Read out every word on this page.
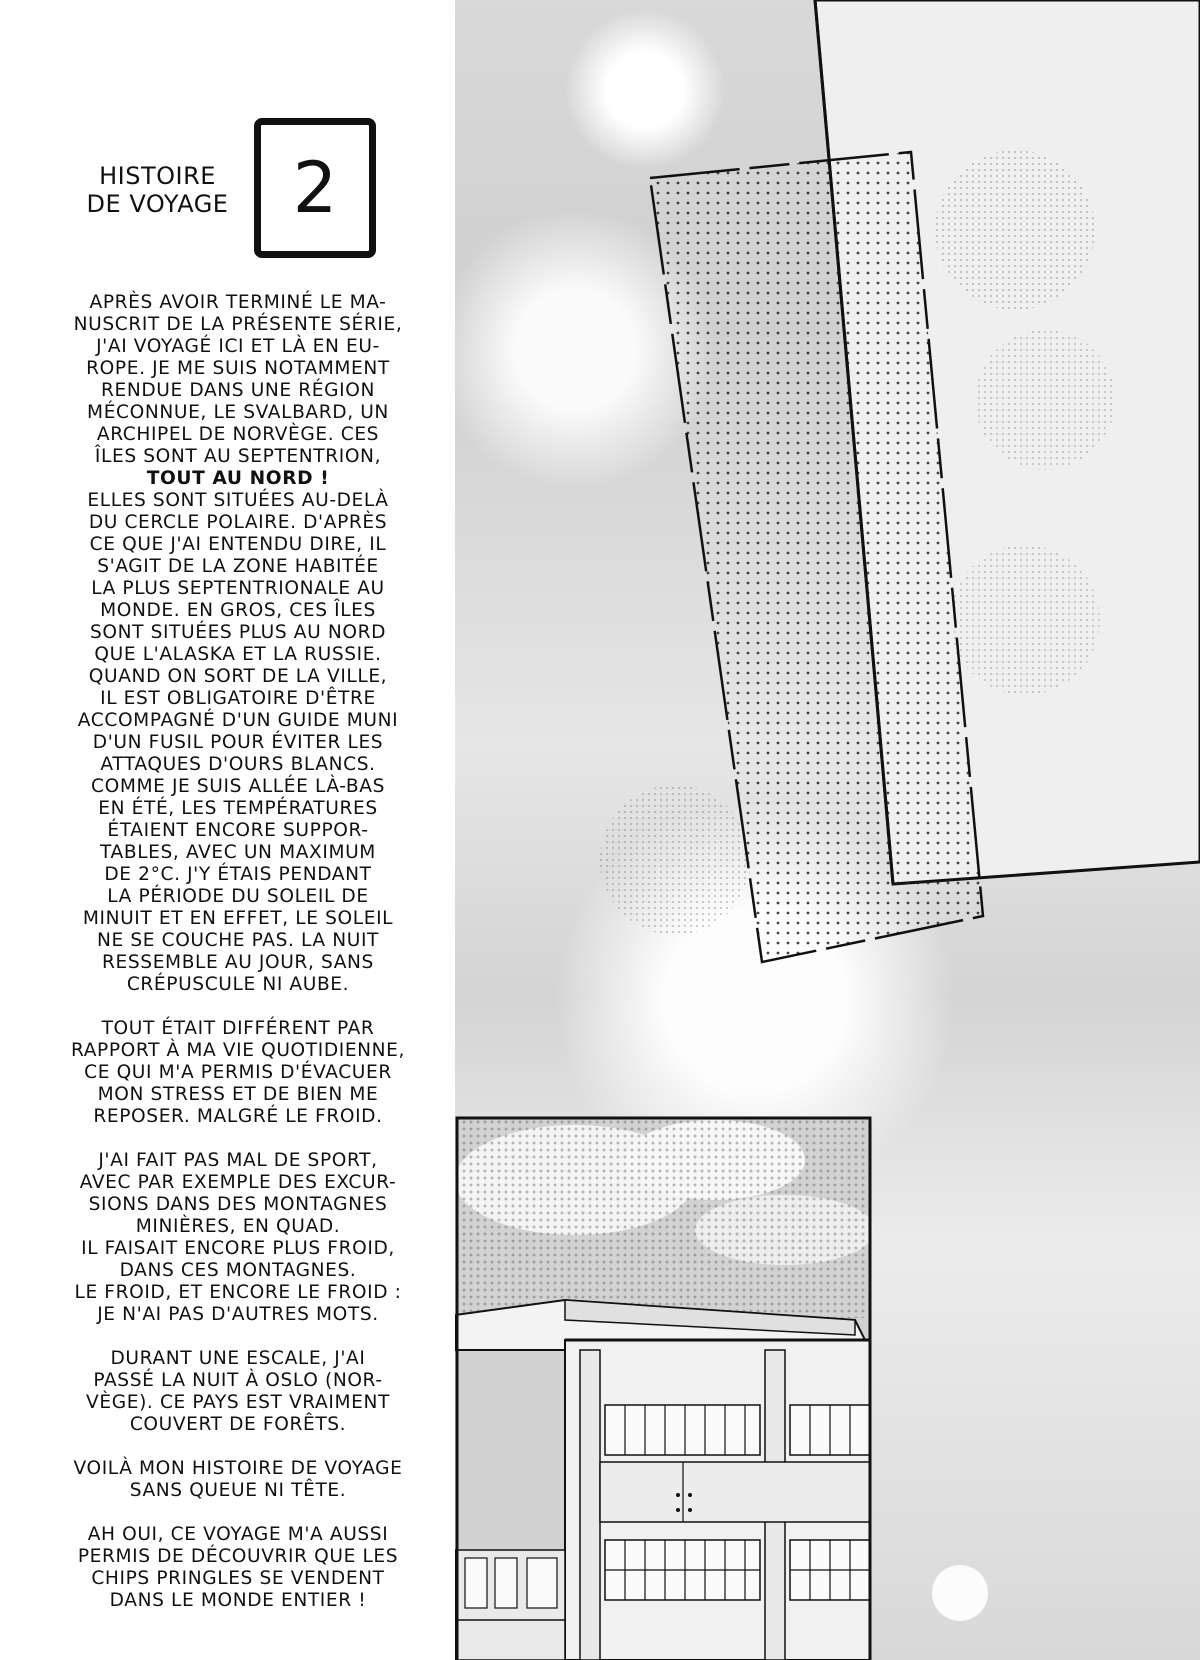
HISTOIRE
DE VOYAGE 2

APRÈS AVOIR TERMINÉ LE MA-
NUSCRIT DE LA PRÉSENTE SÉRIE,
J'AI VOYAGÉ ICI ET LÀ EN EU-
ROPE. JE ME SUIS NOTAMMENT
RENDUE DANS UNE RÉGION
MÉCONNUE, LE SVALBARD, UN
ARCHIPEL DE NORVÈGE. CES
ÎLES SONT AU SEPTENTRION,
TOUT AU NORD !
ELLES SONT SITUÉES AU-DELÀ
DU CERCLE POLAIRE. D'APRÈS
CE QUE J'AI ENTENDU DIRE, IL
S'AGIT DE LA ZONE HABITÉE
LA PLUS SEPTENTRIONALE AU
MONDE. EN GROS, CES ÎLES
SONT SITUÉES PLUS AU NORD
QUE L'ALASKA ET LA RUSSIE.
QUAND ON SORT DE LA VILLE,
IL EST OBLIGATOIRE D'ÊTRE
ACCOMPAGNÉ D'UN GUIDE MUNI
D'UN FUSIL POUR ÉVITER LES
ATTAQUES D'OURS BLANCS.
COMME JE SUIS ALLÉE LÀ-BAS
EN ÉTÉ, LES TEMPÉRATURES
ÉTAIENT ENCORE SUPPOR-
TABLES, AVEC UN MAXIMUM
DE 2°C. J'Y ÉTAIS PENDANT
LA PÉRIODE DU SOLEIL DE
MINUIT ET EN EFFET, LE SOLEIL
NE SE COUCHE PAS. LA NUIT
RESSEMBLE AU JOUR, SANS
CRÉPUSCULE NI AUBE.

TOUT ÉTAIT DIFFÉRENT PAR
RAPPORT À MA VIE QUOTIDIENNE,
CE QUI M'A PERMIS D'ÉVACUER
MON STRESS ET DE BIEN ME
REPOSER. MALGRÉ LE FROID.

J'AI FAIT PAS MAL DE SPORT,
AVEC PAR EXEMPLE DES EXCUR-
SIONS DANS DES MONTAGNES
MINIÈRES, EN QUAD.
IL FAISAIT ENCORE PLUS FROID,
DANS CES MONTAGNES.
LE FROID, ET ENCORE LE FROID :
JE N'AI PAS D'AUTRES MOTS.

DURANT UNE ESCALE, J'AI
PASSÉ LA NUIT À OSLO (NOR-
VÈGE). CE PAYS EST VRAIMENT
COUVERT DE FORÊTS.

VOILÀ MON HISTOIRE DE VOYAGE
SANS QUEUE NI TÊTE.

AH OUI, CE VOYAGE M'A AUSSI
PERMIS DE DÉCOUVRIR QUE LES
CHIPS PRINGLES SE VENDENT
DANS LE MONDE ENTIER !
